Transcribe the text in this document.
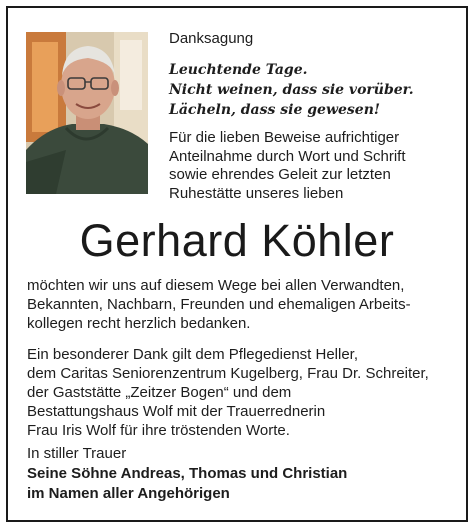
Danksagung
Leuchtende Tage.
Nicht weinen, dass sie vorüber.
Lächeln, dass sie gewesen!
Für die lieben Beweise aufrichtiger
Anteilnahme durch Wort und Schrift
sowie ehrendes Geleit zur letzten
Ruhestätte unseres lieben
Gerhard Köhler
möchten wir uns auf diesem Wege bei allen Verwandten,
Bekannten, Nachbarn, Freunden und ehemaligen Arbeits-
kollegen recht herzlich bedanken.
Ein besonderer Dank gilt dem Pflegedienst Heller,
dem Caritas Seniorenzentrum Kugelberg, Frau Dr. Schreiter,
der Gaststätte „Zeitzer Bogen“ und dem
Bestattungshaus Wolf mit der Trauerrednerin
Frau Iris Wolf für ihre tröstenden Worte.
In stiller Trauer
Seine Söhne Andreas, Thomas und Christian
im Namen aller Angehörigen
